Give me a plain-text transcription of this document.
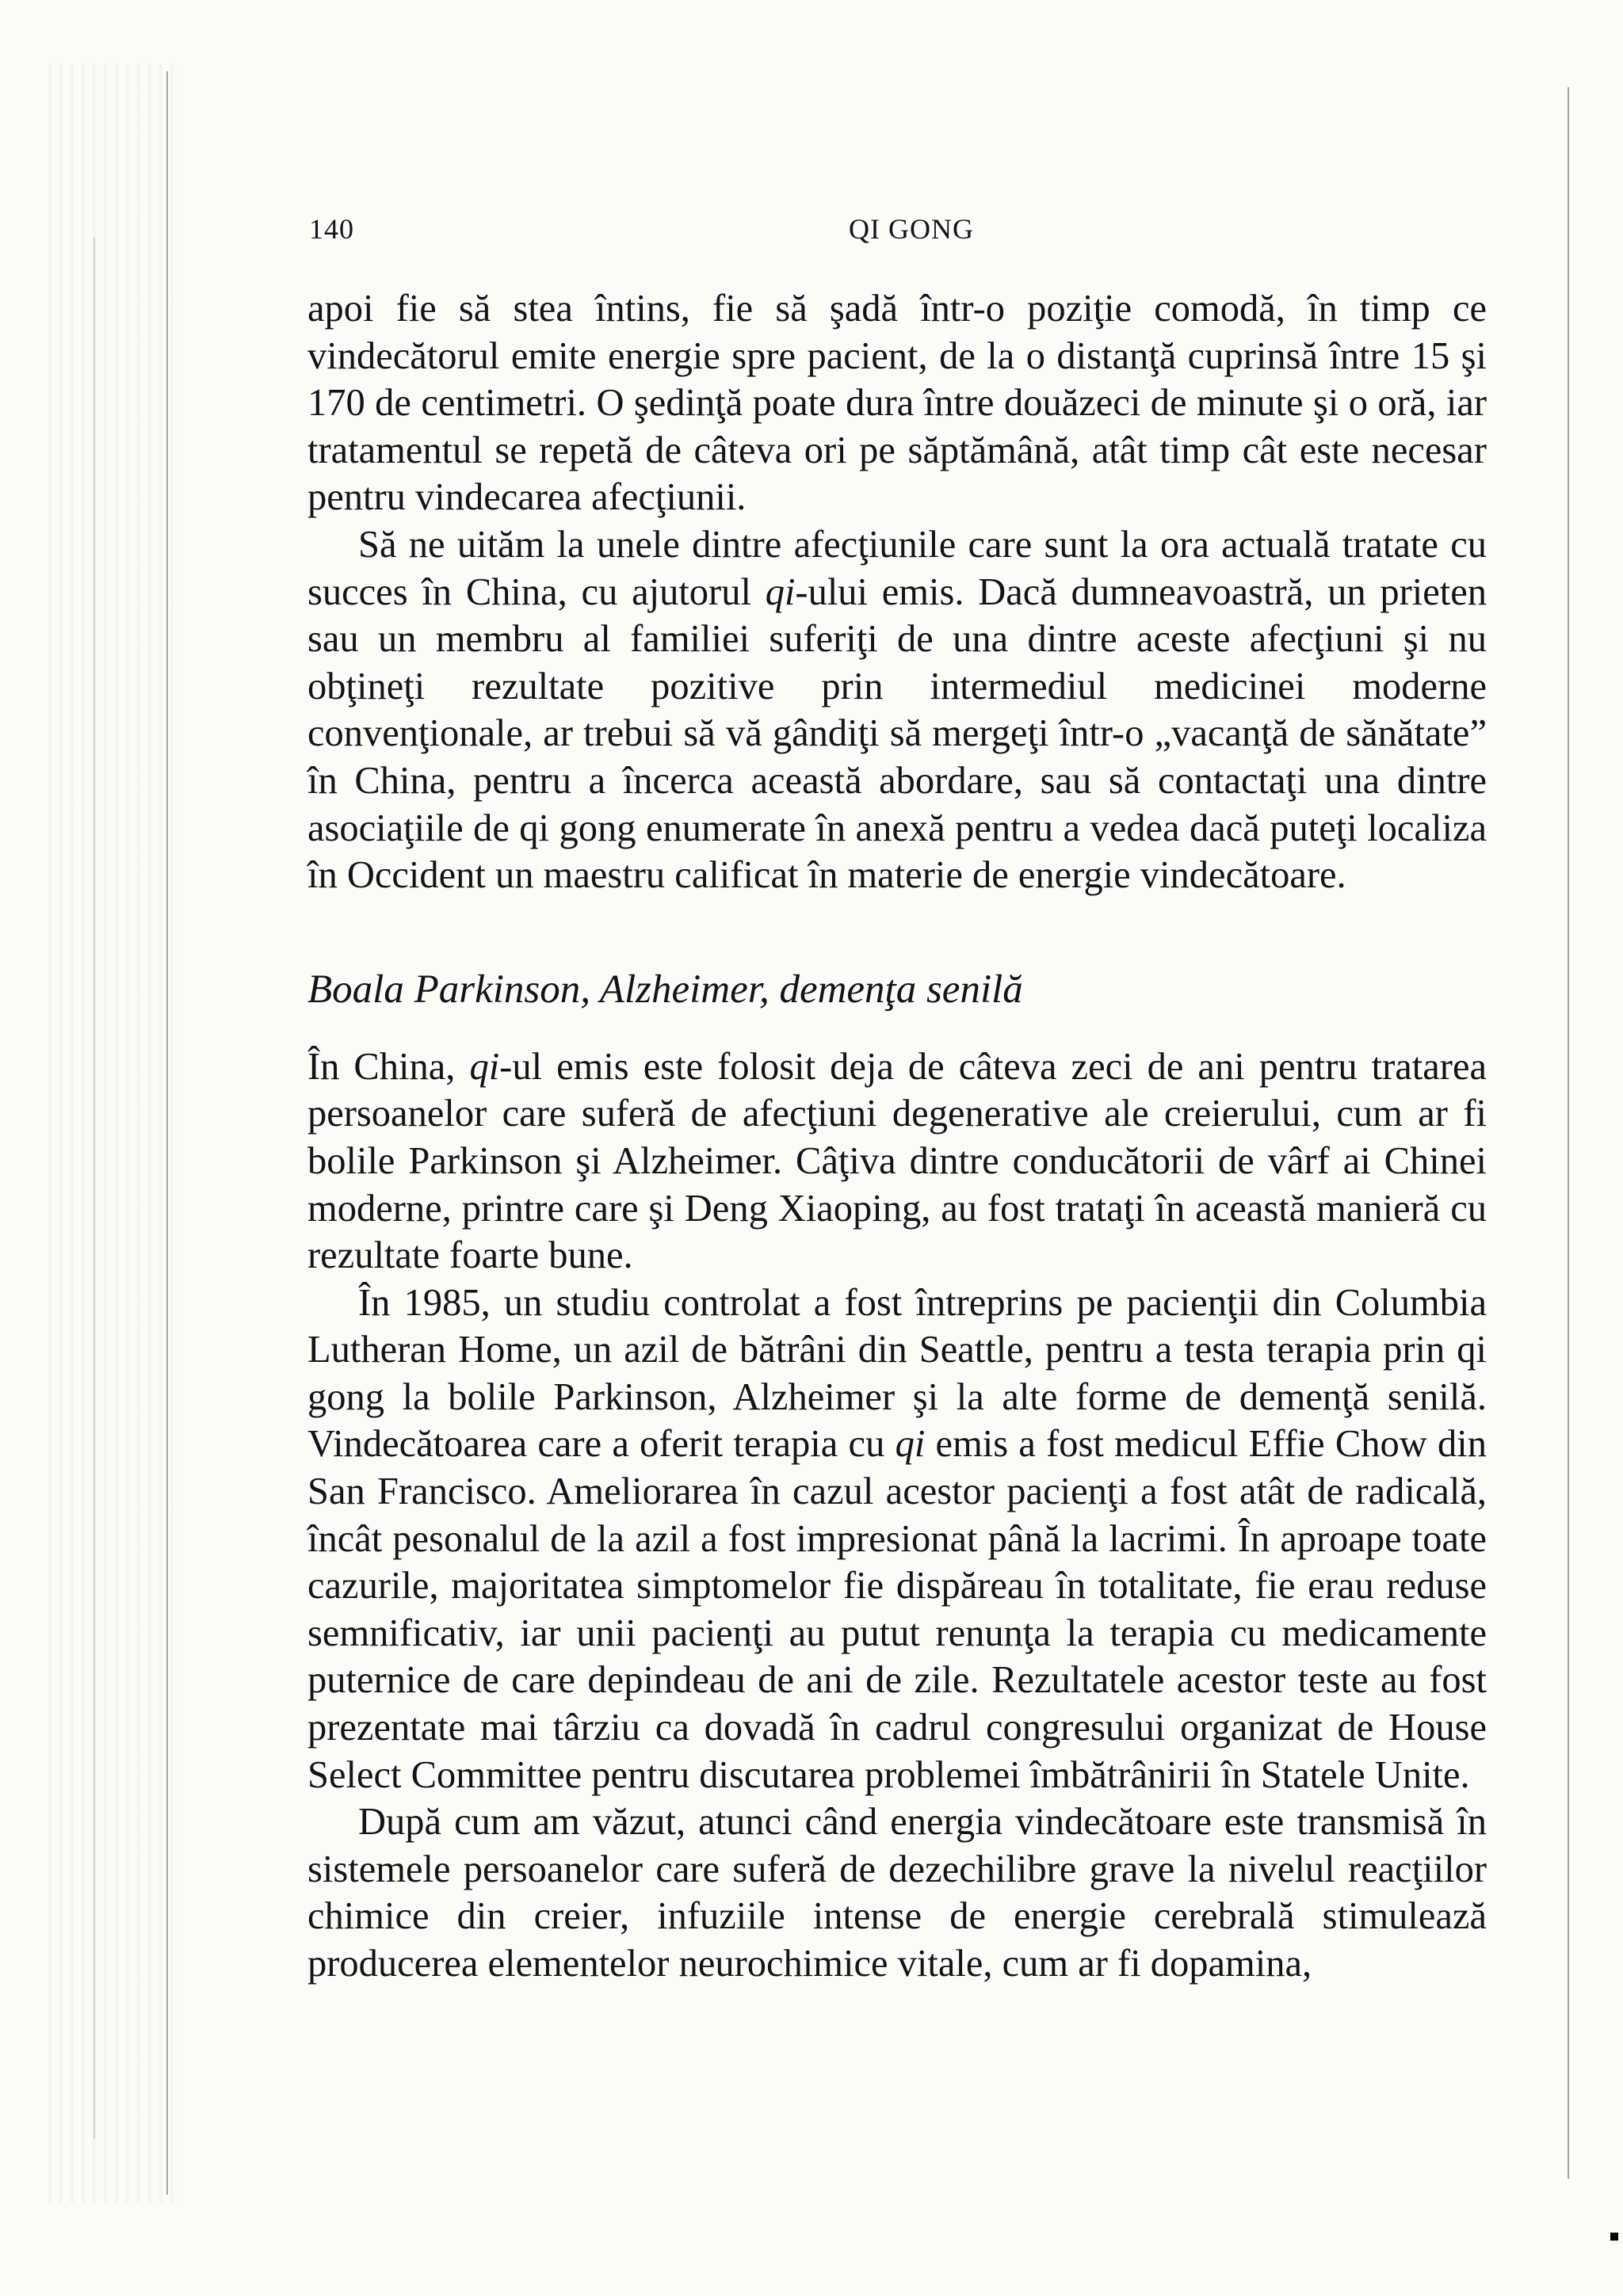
140	QI GONG

apoi fie să stea întins, fie să şadă într-o poziţie comodă, în timp ce vindecătorul emite energie spre pacient, de la o distanţă cuprinsă între 15 şi 170 de centimetri. O şedinţă poate dura între douăzeci de minute şi o oră, iar tratamentul se repetă de câteva ori pe săptămână, atât timp cât este necesar pentru vindecarea afecţiunii.

Să ne uităm la unele dintre afecţiunile care sunt la ora actuală tratate cu succes în China, cu ajutorul qi-ului emis. Dacă dumneavoastră, un prieten sau un membru al familiei suferiţi de una dintre aceste afecţiuni şi nu obţineţi rezultate pozitive prin intermediul medicinei moderne convenţionale, ar trebui să vă gândiţi să mergeţi într-o „vacanţă de sănătate” în China, pentru a încerca această abordare, sau să contactaţi una dintre asociaţiile de qi gong enumerate în anexă pentru a vedea dacă puteţi localiza în Occident un maestru calificat în materie de energie vindecătoare.

Boala Parkinson, Alzheimer, demenţa senilă

În China, qi-ul emis este folosit deja de câteva zeci de ani pentru tratarea persoanelor care suferă de afecţiuni degenerative ale creierului, cum ar fi bolile Parkinson şi Alzheimer. Câţiva dintre conducătorii de vârf ai Chinei moderne, printre care şi Deng Xiaoping, au fost trataţi în această manieră cu rezultate foarte bune.

În 1985, un studiu controlat a fost întreprins pe pacienţii din Columbia Lutheran Home, un azil de bătrâni din Seattle, pentru a testa terapia prin qi gong la bolile Parkinson, Alzheimer şi la alte forme de demenţă senilă. Vindecătoarea care a oferit terapia cu qi emis a fost medicul Effie Chow din San Francisco. Ameliorarea în cazul acestor pacienţi a fost atât de radicală, încât pesonalul de la azil a fost impresionat până la lacrimi. În aproape toate cazurile, majoritatea simptomelor fie dispăreau în totalitate, fie erau reduse semnificativ, iar unii pacienţi au putut renunţa la terapia cu medicamente puternice de care depindeau de ani de zile. Rezultatele acestor teste au fost prezentate mai târziu ca dovadă în cadrul congresului organizat de House Select Committee pentru discutarea problemei îmbătrânirii în Statele Unite.

După cum am văzut, atunci când energia vindecătoare este transmisă în sistemele persoanelor care suferă de dezechilibre grave la nivelul reacţiilor chimice din creier, infuziile intense de energie cerebrală stimulează producerea elementelor neurochimice vitale, cum ar fi dopamina,
